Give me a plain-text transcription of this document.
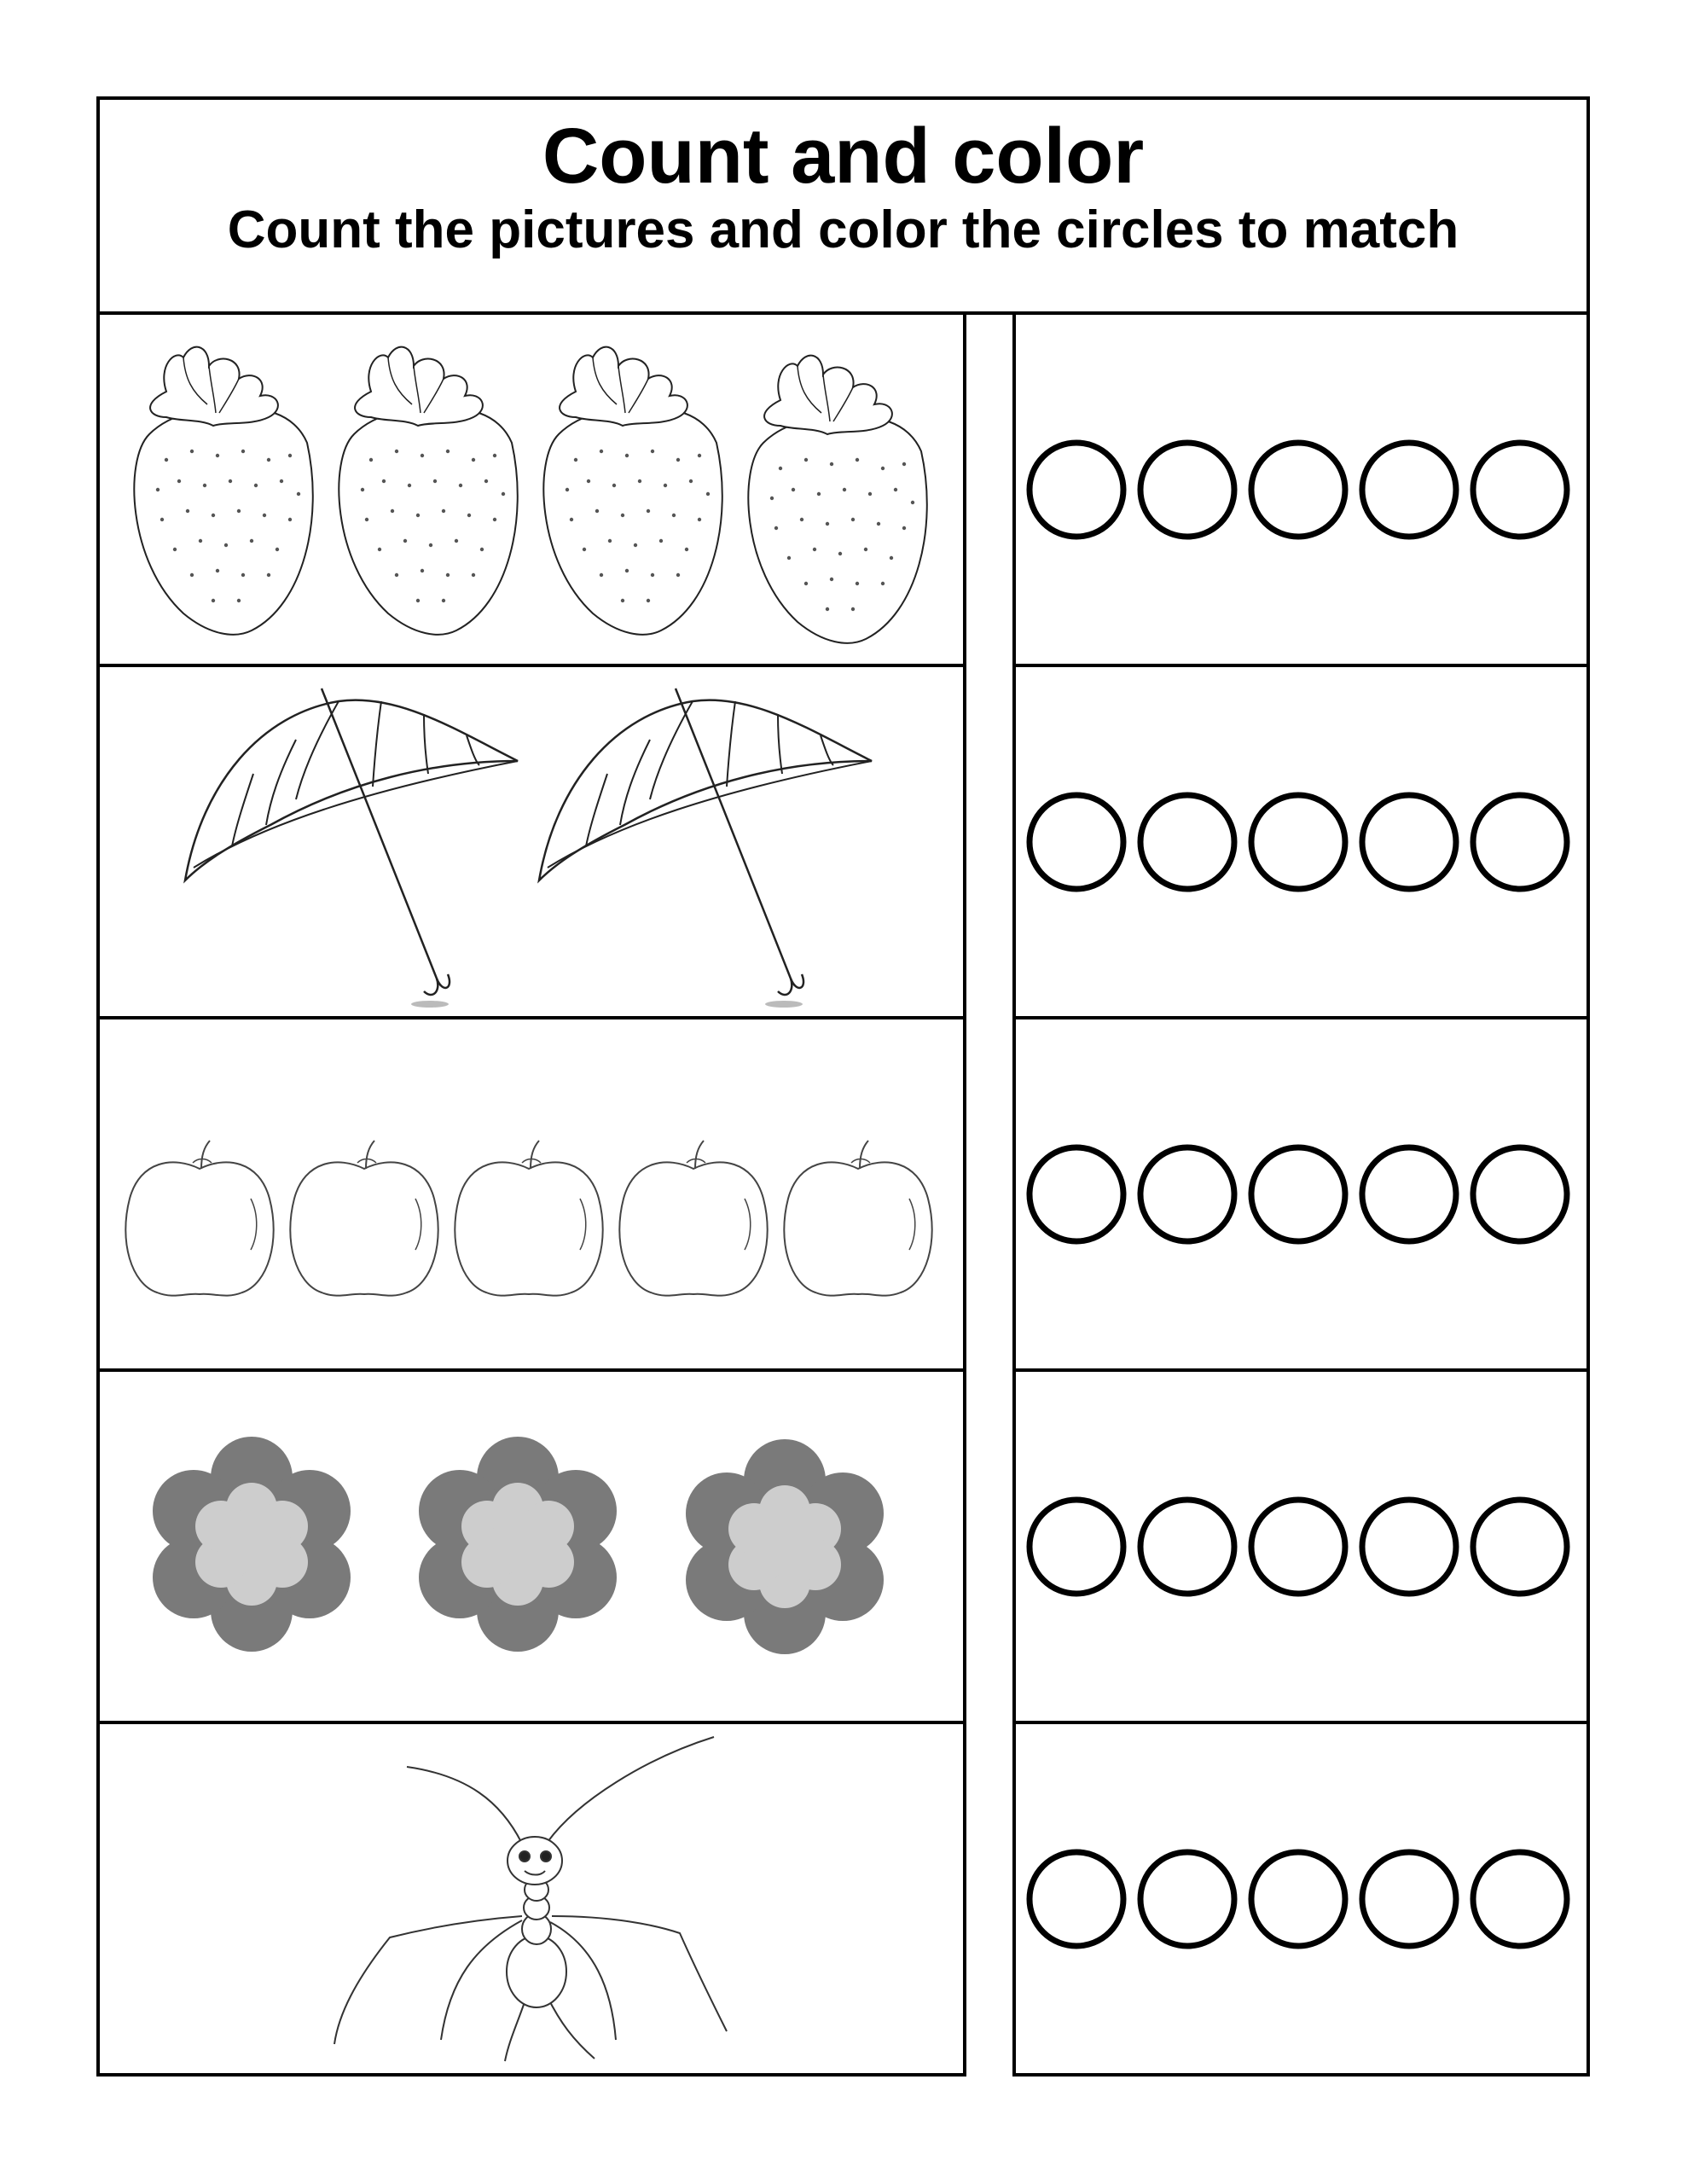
Count and color
Count the pictures and color the circles to match
